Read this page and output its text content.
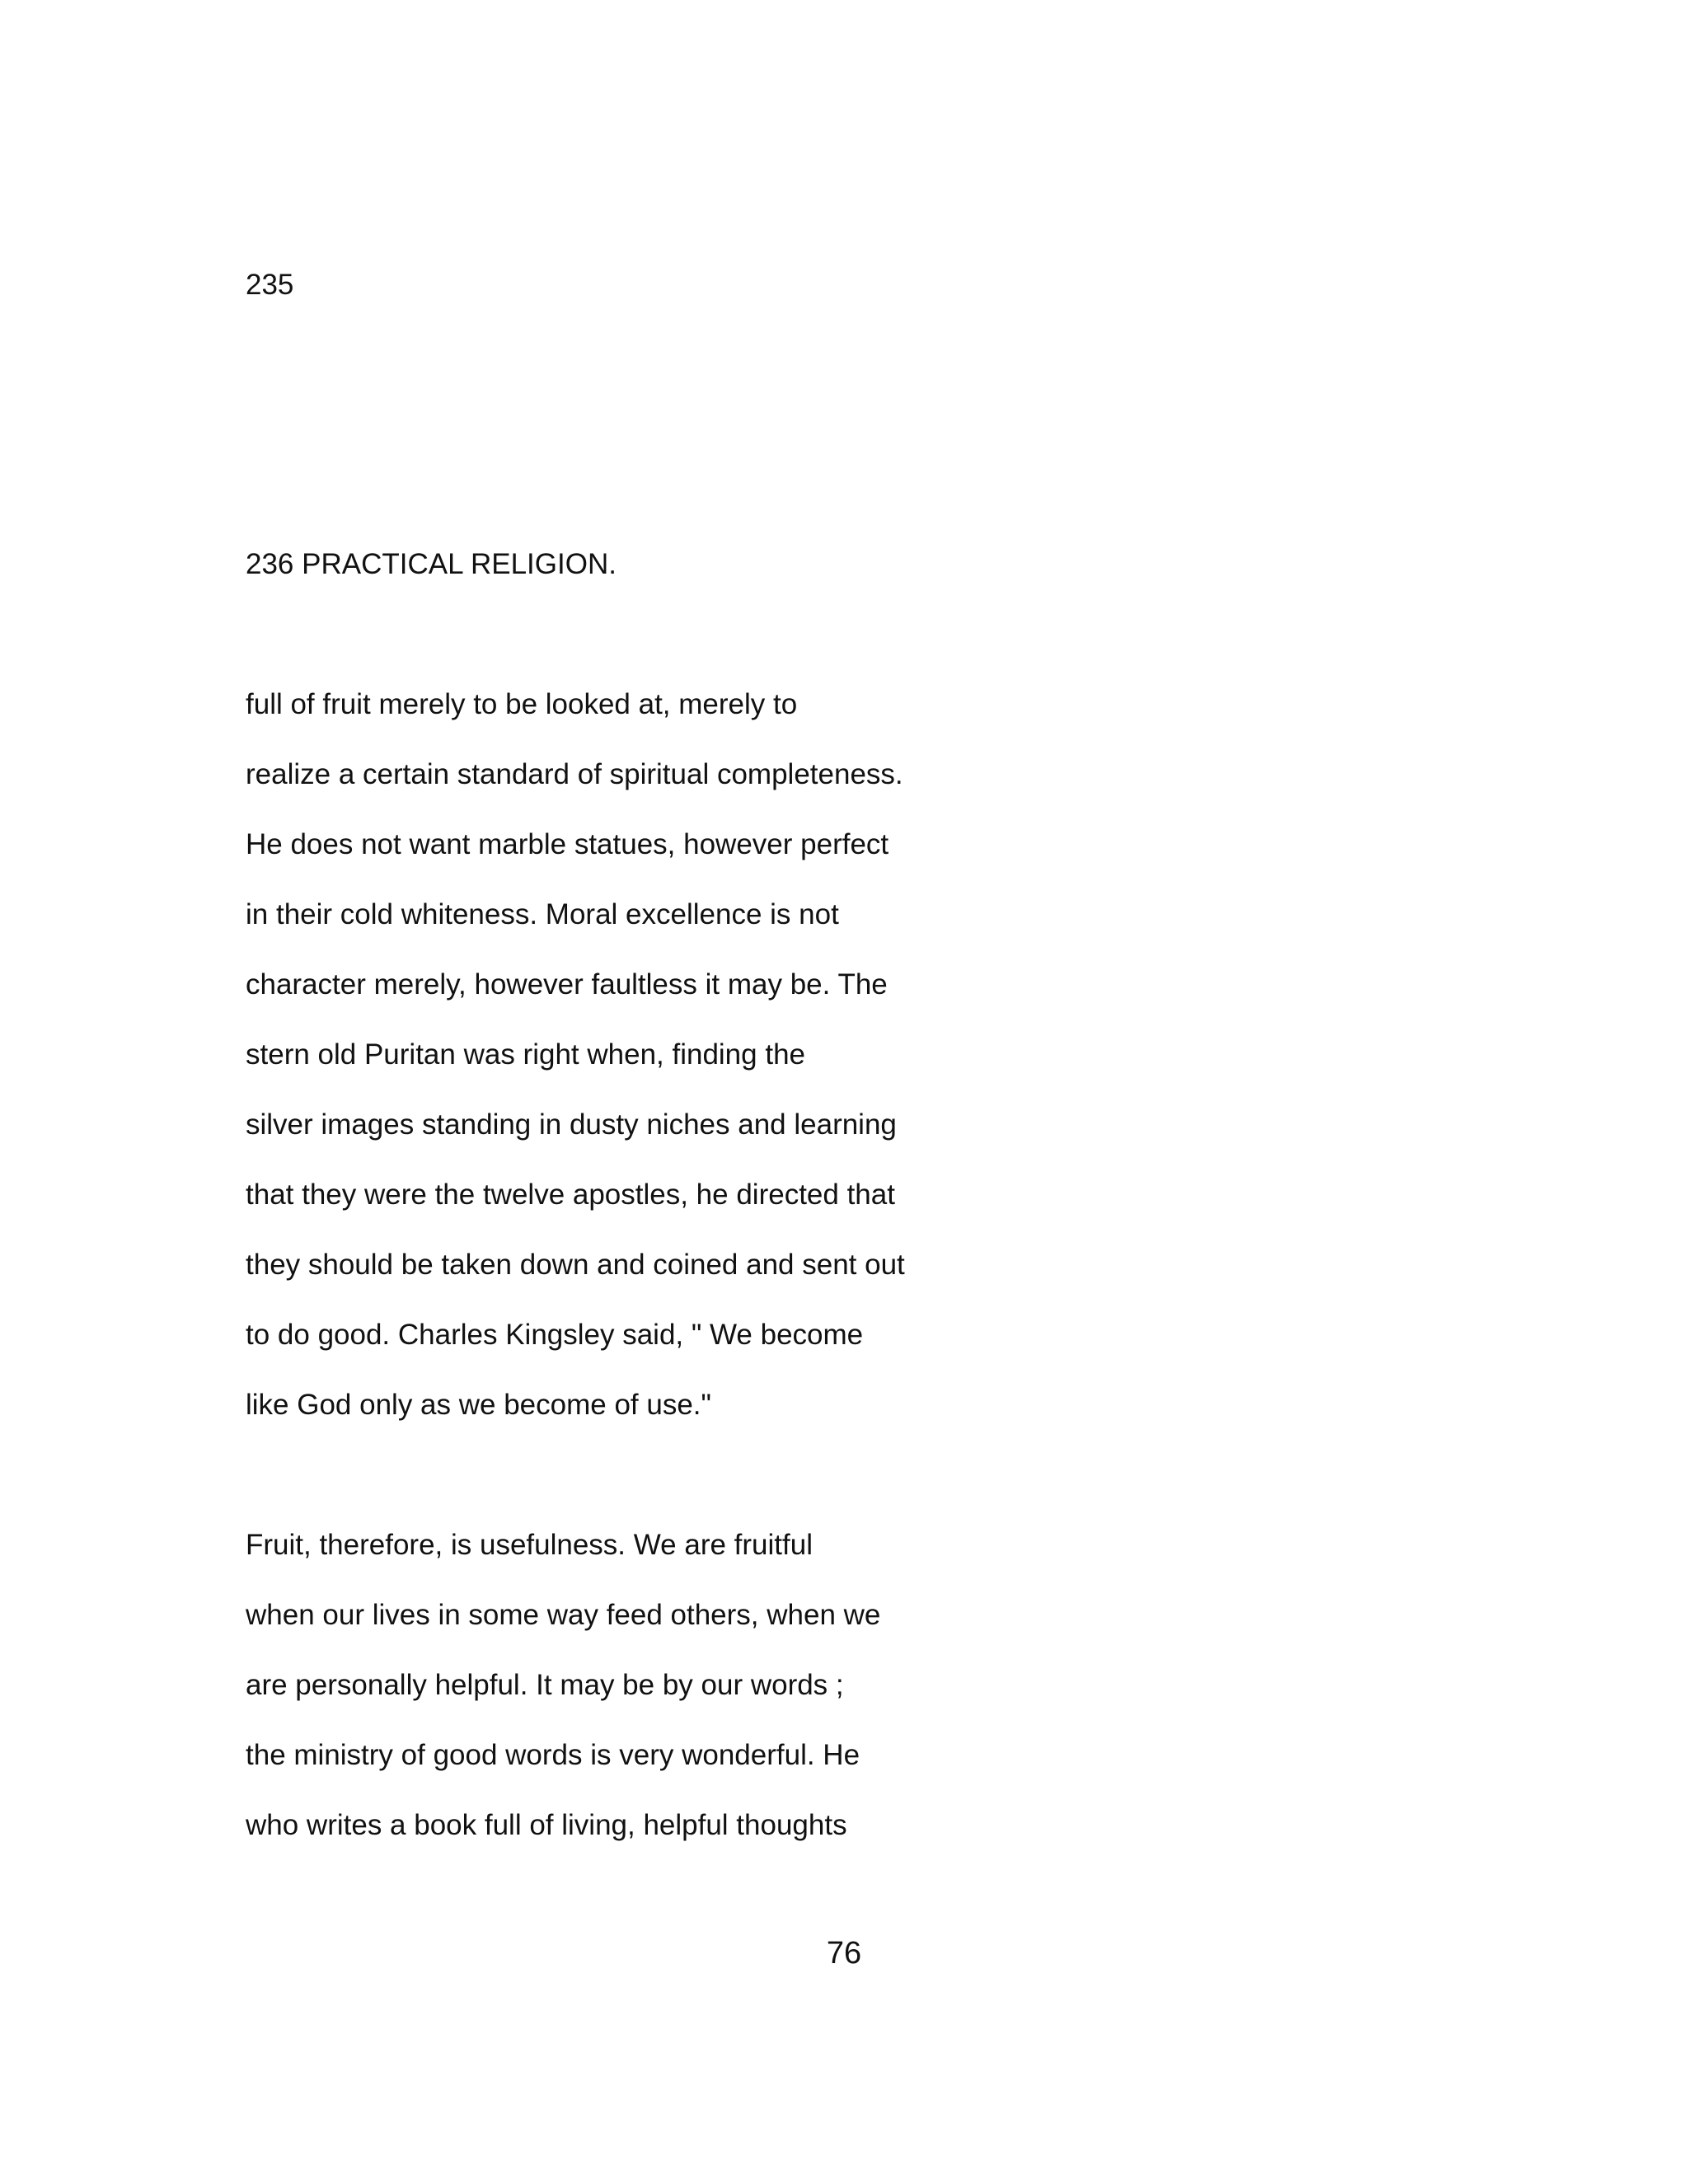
235
236 PRACTICAL RELIGION.
full of fruit merely to be looked at, merely to
realize a certain standard of spiritual completeness.
He does not want marble statues, however perfect
in their cold whiteness. Moral excellence is not
character merely, however faultless it may be. The
stern old Puritan was right when, finding the
silver images standing in dusty niches and learning
that they were the twelve apostles, he directed that
they should be taken down and coined and sent out
to do good. Charles Kingsley said, " We become
like God only as we become of use."
Fruit, therefore, is usefulness. We are fruitful
when our lives in some way feed others, when we
are personally helpful. It may be by our words ;
the ministry of good words is very wonderful. He
who writes a book full of living, helpful thoughts
76
